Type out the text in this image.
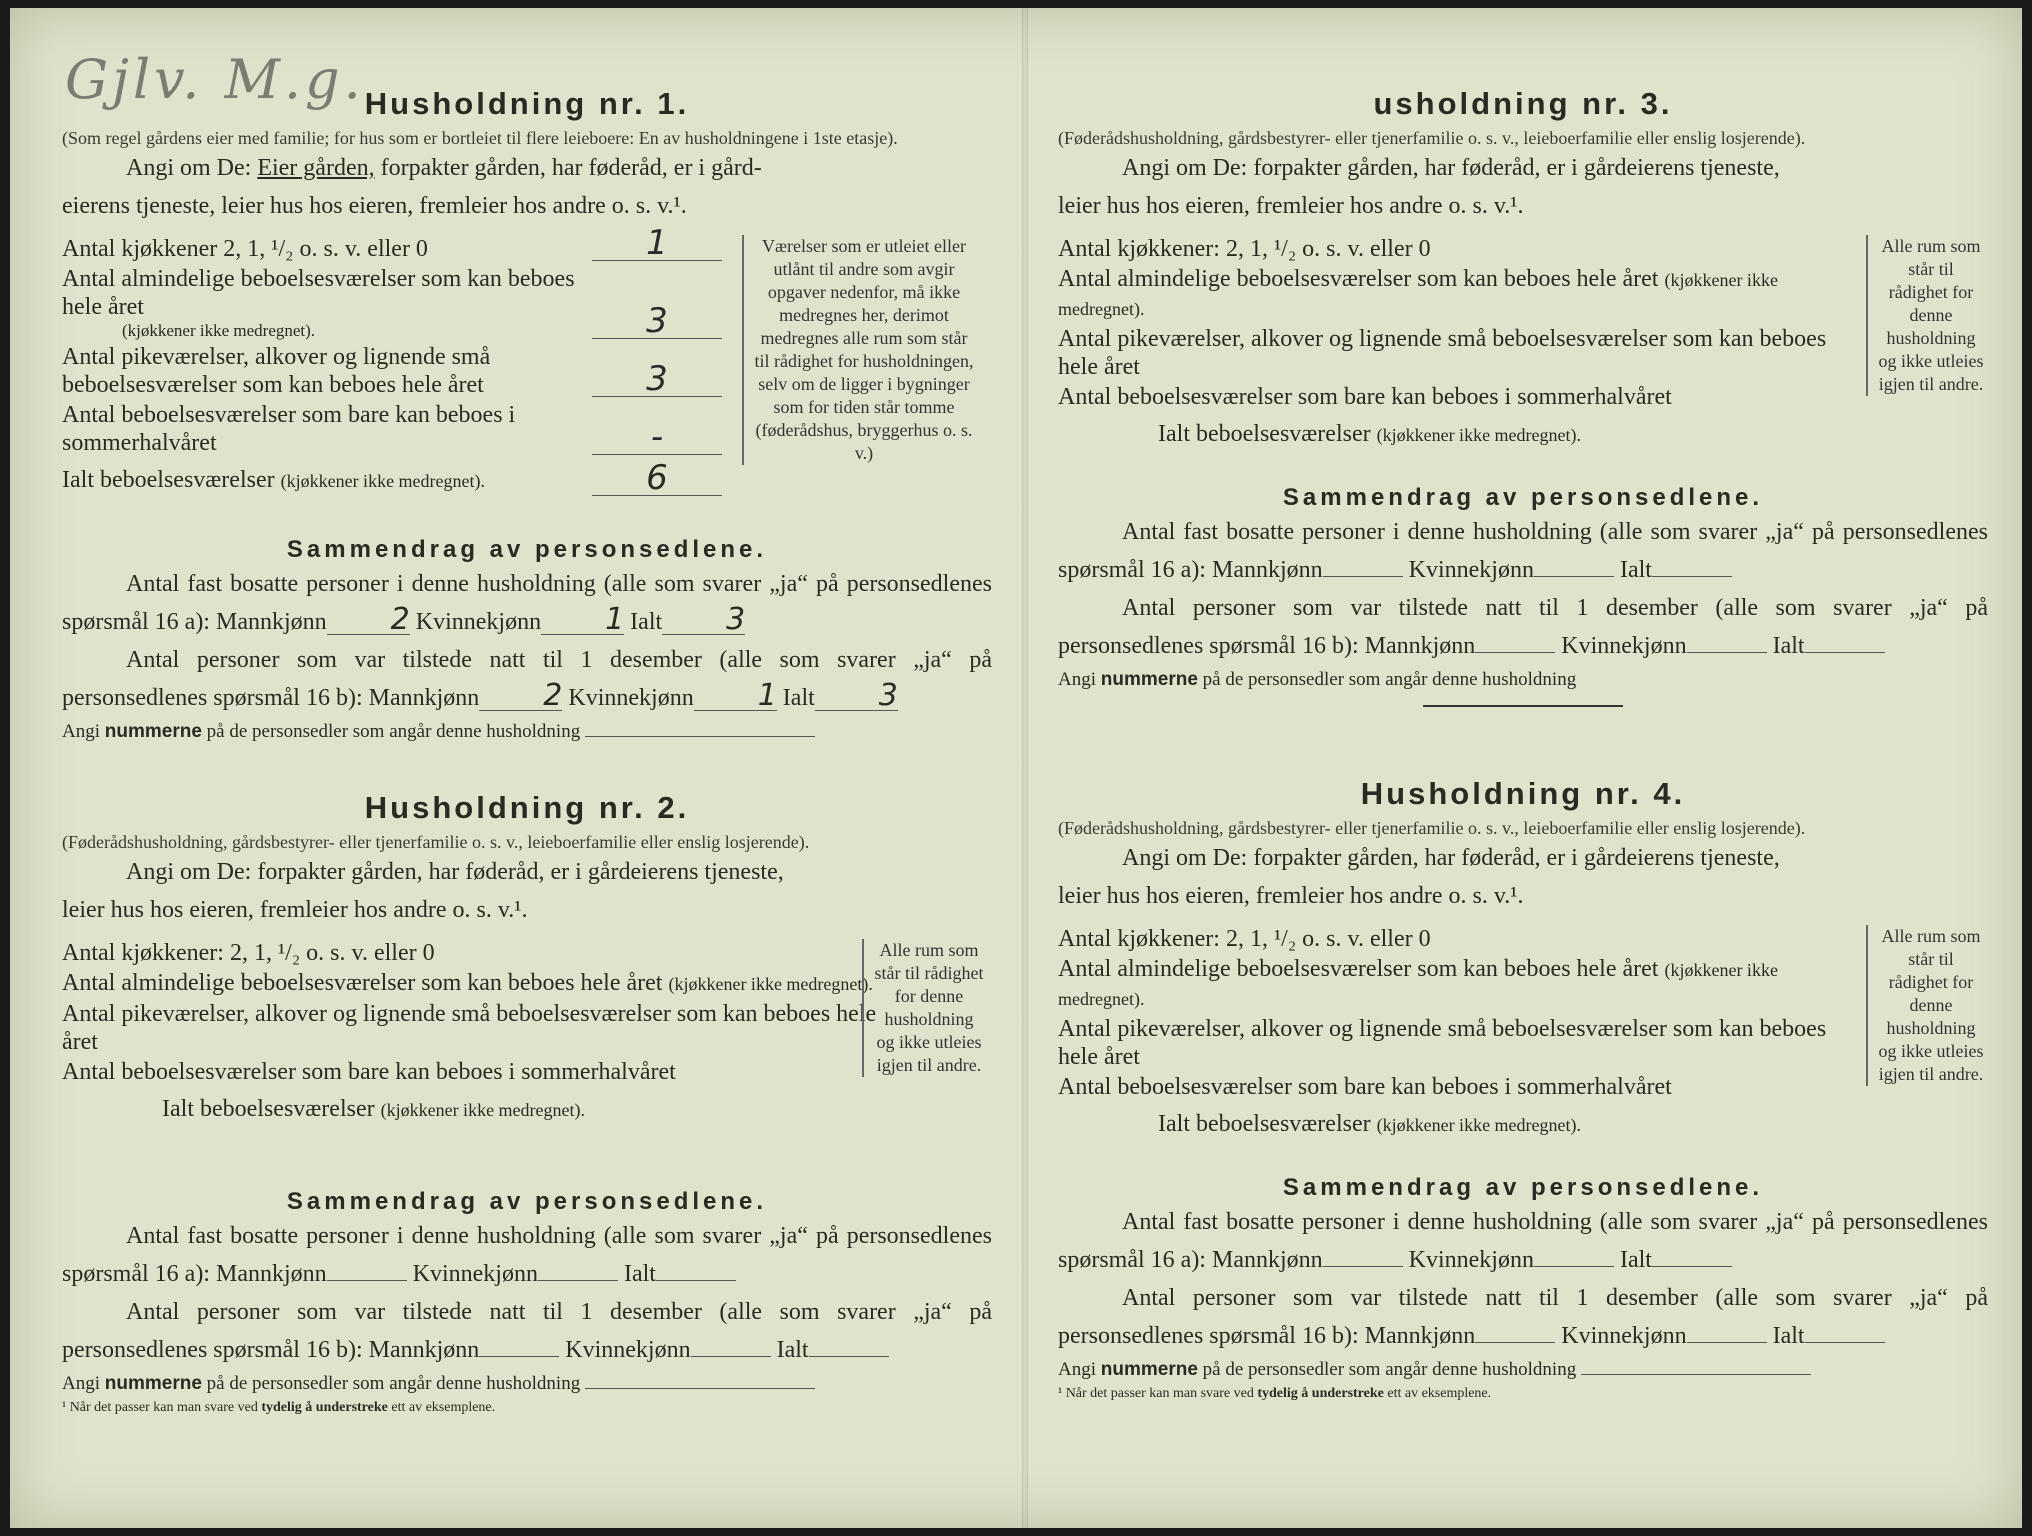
Gjlv. M.g. Husholdning nr. 1.
(Som regel gårdens eier med familie; for hus som er bortleiet til flere leieboere: En av husholdningene i 1ste etasje).
Angi om De: Eier gården, forpakter gården, har føderåd, er i gård-
eierens tjeneste, leier hus hos eieren, fremleier hos andre o. s. v.¹.
Antal kjøkkener 2, 1, ¹/₂ o. s. v. eller 0	1
Antal almindelige beboelsesværelser som kan beboes hele året
(kjøkkener ikke medregnet).	3
Antal pikeværelser, alkover og lignende små beboelsesværelser som kan beboes hele året	3
Antal beboelsesværelser som bare kan beboes i sommerhalvåret	-
Ialt beboelsesværelser (kjøkkener ikke medregnet).	6
Værelser som er utleiet eller utlånt til andre som avgir opgaver nedenfor, må ikke medregnes her, derimot medregnes alle rum som står til rådighet for husholdningen, selv om de ligger i bygninger som for tiden står tomme (føderådshus, bryggerhus o. s. v.)
Sammendrag av personsedlene.
Antal fast bosatte personer i denne husholdning (alle som svarer „ja“ på personsedlenes spørsmål 16 a): Mannkjønn 2 Kvinnekjønn 1 Ialt 3
Antal personer som var tilstede natt til 1 desember (alle som svarer „ja“ på personsedlenes spørsmål 16 b): Mannkjønn 2 Kvinnekjønn 1 Ialt 3
Angi nummerne på de personsedler som angår denne husholdning
Husholdning nr. 2.
(Føderådshusholdning, gårdsbestyrer- eller tjenerfamilie o. s. v., leieboerfamilie eller enslig losjerende).
Angi om De: forpakter gården, har føderåd, er i gårdeierens tjeneste,
leier hus hos eieren, fremleier hos andre o. s. v.¹.
Antal kjøkkener: 2, 1, ¹/₂ o. s. v. eller 0
Antal almindelige beboelsesværelser som kan beboes hele året (kjøkkener ikke medregnet).
Antal pikeværelser, alkover og lignende små beboelsesværelser som kan beboes hele året
Antal beboelsesværelser som bare kan beboes i sommerhalvåret
Ialt beboelsesværelser (kjøkkener ikke medregnet).
Alle rum som står til rådighet for denne husholdning og ikke utleies igjen til andre.
Sammendrag av personsedlene.
Antal fast bosatte personer i denne husholdning (alle som svarer „ja“ på personsedlenes spørsmål 16 a): Mannkjønn	Kvinnekjønn	Ialt
Antal personer som var tilstede natt til 1 desember (alle som svarer „ja“ på personsedlenes spørsmål 16 b): Mannkjønn	Kvinnekjønn	Ialt
Angi nummerne på de personsedler som angår denne husholdning
¹ Når det passer kan man svare ved tydelig å understreke ett av eksemplene.
usholdning nr. 3.
(Føderådshusholdning, gårdsbestyrer- eller tjenerfamilie o. s. v., leieboerfamilie eller enslig losjerende).
Angi om De: forpakter gården, har føderåd, er i gårdeierens tjeneste,
leier hus hos eieren, fremleier hos andre o. s. v.¹.
Antal kjøkkener: 2, 1, ¹/₂ o. s. v. eller 0
Antal almindelige beboelsesværelser som kan beboes hele året (kjøkkener ikke medregnet).
Antal pikeværelser, alkover og lignende små beboelsesværelser som kan beboes hele året
Antal beboelsesværelser som bare kan beboes i sommerhalvåret
Ialt beboelsesværelser (kjøkkener ikke medregnet).
Alle rum som står til rådighet for denne husholdning og ikke utleies igjen til andre.
Sammendrag av personsedlene.
Antal fast bosatte personer i denne husholdning (alle som svarer „ja“ på personsedlenes spørsmål 16 a): Mannkjønn	Kvinnekjønn	Ialt
Antal personer som var tilstede natt til 1 desember (alle som svarer „ja“ på personsedlenes spørsmål 16 b): Mannkjønn	Kvinnekjønn	Ialt
Angi nummerne på de personsedler som angår denne husholdning
Husholdning nr. 4.
(Føderådshusholdning, gårdsbestyrer- eller tjenerfamilie o. s. v., leieboerfamilie eller enslig losjerende).
Angi om De: forpakter gården, har føderåd, er i gårdeierens tjeneste,
leier hus hos eieren, fremleier hos andre o. s. v.¹.
Antal kjøkkener: 2, 1, ¹/₂ o. s. v. eller 0
Antal almindelige beboelsesværelser som kan beboes hele året (kjøkkener ikke medregnet).
Antal pikeværelser, alkover og lignende små beboelsesværelser som kan beboes hele året
Antal beboelsesværelser som bare kan beboes i sommerhalvåret
Ialt beboelsesværelser (kjøkkener ikke medregnet).
Alle rum som står til rådighet for denne husholdning og ikke utleies igjen til andre.
Sammendrag av personsedlene.
Antal fast bosatte personer i denne husholdning (alle som svarer „ja“ på personsedlenes spørsmål 16 a): Mannkjønn	Kvinnekjønn	Ialt
Antal personer som var tilstede natt til 1 desember (alle som svarer „ja“ på personsedlenes spørsmål 16 b): Mannkjønn	Kvinnekjønn	Ialt
Angi nummerne på de personsedler som angår denne husholdning
¹ Når det passer kan man svare ved tydelig å understreke ett av eksemplene.
